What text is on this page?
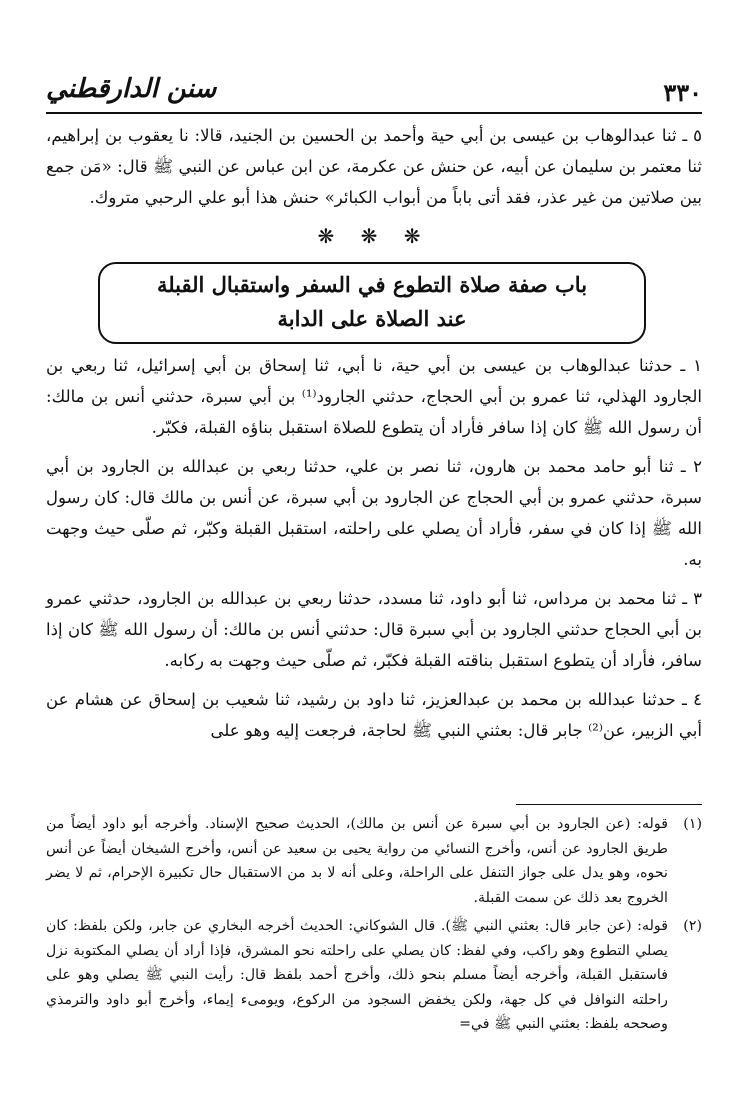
٣٣٠
سنن الدارقطني

٥ ـ ثنا عبدالوهاب بن عيسى بن أبي حية وأحمد بن الحسين بن الجنيد، قالا: نا يعقوب بن إبراهيم، ثنا معتمر بن سليمان عن أبيه، عن حنش عن عكرمة، عن ابن عباس عن النبي ﷺ قال: «مَن جمع بين صلاتين من غير عذر، فقد أتى باباً من أبواب الكبائر» حنش هذا أبو علي الرحبي متروك.

❋ ❋ ❋
باب صفة صلاة التطوع في السفر واستقبال القبلة
عند الصلاة على الدابة

١ ـ حدثنا عبدالوهاب بن عيسى بن أبي حية، نا أبي، ثنا إسحاق بن أبي إسرائيل، ثنا ربعي بن الجارود الهذلي، ثنا عمرو بن أبي الحجاج، حدثني الجارود⁽¹⁾ بن أبي سبرة، حدثني أنس بن مالك: أن رسول الله ﷺ كان إذا سافر فأراد أن يتطوع للصلاة استقبل بناؤه القبلة، فكبّر.

٢ ـ ثنا أبو حامد محمد بن هارون، ثنا نصر بن علي، حدثنا ربعي بن عبدالله بن الجارود بن أبي سبرة، حدثني عمرو بن أبي الحجاج عن الجارود بن أبي سبرة، عن أنس بن مالك قال: كان رسول الله ﷺ إذا كان في سفر، فأراد أن يصلي على راحلته، استقبل القبلة وكبّر، ثم صلّى حيث وجهت به.

٣ ـ ثنا محمد بن مرداس، ثنا أبو داود، ثنا مسدد، حدثنا ربعي بن عبدالله بن الجارود، حدثني عمرو بن أبي الحجاج حدثني الجارود بن أبي سبرة قال: حدثني أنس بن مالك: أن رسول الله ﷺ كان إذا سافر، فأراد أن يتطوع استقبل بناقته القبلة فكبّر، ثم صلّى حيث وجهت به ركابه.

٤ ـ حدثنا عبدالله بن محمد بن عبدالعزيز، ثنا داود بن رشيد، ثنا شعيب بن إسحاق عن هشام عن أبي الزبير، عن⁽²⁾ جابر قال: بعثني النبي ﷺ لحاجة، فرجعت إليه وهو على

(١)
قوله: (عن الجارود بن أبي سبرة عن أنس بن مالك)، الحديث صحيح الإسناد. وأخرجه أبو داود أيضاً من طريق الجارود عن أنس، وأخرج النسائي من رواية يحيى بن سعيد عن أنس، وأخرج الشيخان أيضاً عن أنس نحوه، وهو يدل على جواز التنفل على الراحلة، وعلى أنه لا بد من الاستقبال حال تكبيرة الإحرام، ثم لا يضر الخروج بعد ذلك عن سمت القبلة.
(٢)
قوله: (عن جابر قال: بعثني النبي ﷺ). قال الشوكاني: الحديث أخرجه البخاري عن جابر، ولكن بلفظ: كان يصلي التطوع وهو راكب، وفي لفظ: كان يصلي على راحلته نحو المشرق، فإذا أراد أن يصلي المكتوبة نزل فاستقبل القبلة، وأخرجه أيضاً مسلم بنحو ذلك، وأخرج أحمد بلفظ قال: رأيت النبي ﷺ يصلي وهو على راحلته النوافل في كل جهة، ولكن يخفض السجود من الركوع، ويومىء إيماء، وأخرج أبو داود والترمذي وصححه بلفظ: بعثني النبي ﷺ في=
